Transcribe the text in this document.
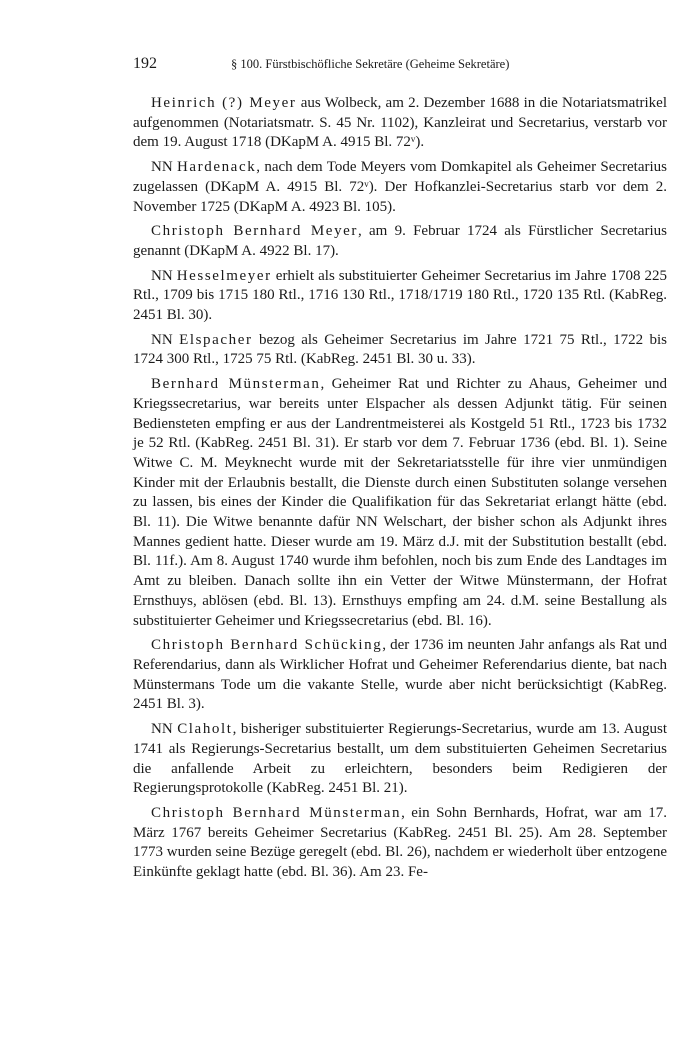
192	§ 100. Fürstbischöfliche Sekretäre (Geheime Sekretäre)

Heinrich (?) Meyer aus Wolbeck, am 2. Dezember 1688 in die Notariatsmatrikel aufgenommen (Notariatsmatr. S. 45 Nr. 1102), Kanzleirat und Secretarius, verstarb vor dem 19. August 1718 (DKapM A. 4915 Bl. 72ᵛ).

NN Hardenack, nach dem Tode Meyers vom Domkapitel als Geheimer Secretarius zugelassen (DKapM A. 4915 Bl. 72ᵛ). Der Hofkanzlei-Secretarius starb vor dem 2. November 1725 (DKapM A. 4923 Bl. 105).

Christoph Bernhard Meyer, am 9. Februar 1724 als Fürstlicher Secretarius genannt (DKapM A. 4922 Bl. 17).

NN Hesselmeyer erhielt als substituierter Geheimer Secretarius im Jahre 1708 225 Rtl., 1709 bis 1715 180 Rtl., 1716 130 Rtl., 1718/1719 180 Rtl., 1720 135 Rtl. (KabReg. 2451 Bl. 30).

NN Elspacher bezog als Geheimer Secretarius im Jahre 1721 75 Rtl., 1722 bis 1724 300 Rtl., 1725 75 Rtl. (KabReg. 2451 Bl. 30 u. 33).

Bernhard Münsterman, Geheimer Rat und Richter zu Ahaus, Geheimer und Kriegssecretarius, war bereits unter Elspacher als dessen Adjunkt tätig. Für seinen Bediensteten empfing er aus der Landrentmeisterei als Kostgeld 51 Rtl., 1723 bis 1732 je 52 Rtl. (KabReg. 2451 Bl. 31). Er starb vor dem 7. Februar 1736 (ebd. Bl. 1). Seine Witwe C. M. Meyknecht wurde mit der Sekretariatsstelle für ihre vier unmündigen Kinder mit der Erlaubnis bestallt, die Dienste durch einen Substituten solange versehen zu lassen, bis eines der Kinder die Qualifikation für das Sekretariat erlangt hätte (ebd. Bl. 11). Die Witwe benannte dafür NN Welschart, der bisher schon als Adjunkt ihres Mannes gedient hatte. Dieser wurde am 19. März d.J. mit der Substitution bestallt (ebd. Bl. 11f.). Am 8. August 1740 wurde ihm befohlen, noch bis zum Ende des Landtages im Amt zu bleiben. Danach sollte ihn ein Vetter der Witwe Münstermann, der Hofrat Ernsthuys, ablösen (ebd. Bl. 13). Ernsthuys empfing am 24. d.M. seine Bestallung als substituierter Geheimer und Kriegssecretarius (ebd. Bl. 16).

Christoph Bernhard Schücking, der 1736 im neunten Jahr anfangs als Rat und Referendarius, dann als Wirklicher Hofrat und Geheimer Referendarius diente, bat nach Münstermans Tode um die vakante Stelle, wurde aber nicht berücksichtigt (KabReg. 2451 Bl. 3).

NN Claholt, bisheriger substituierter Regierungs-Secretarius, wurde am 13. August 1741 als Regierungs-Secretarius bestallt, um dem substituierten Geheimen Secretarius die anfallende Arbeit zu erleichtern, besonders beim Redigieren der Regierungsprotokolle (KabReg. 2451 Bl. 21).

Christoph Bernhard Münsterman, ein Sohn Bernhards, Hofrat, war am 17. März 1767 bereits Geheimer Secretarius (KabReg. 2451 Bl. 25). Am 28. September 1773 wurden seine Bezüge geregelt (ebd. Bl. 26), nachdem er wiederholt über entzogene Einkünfte geklagt hatte (ebd. Bl. 36). Am 23. Fe-
